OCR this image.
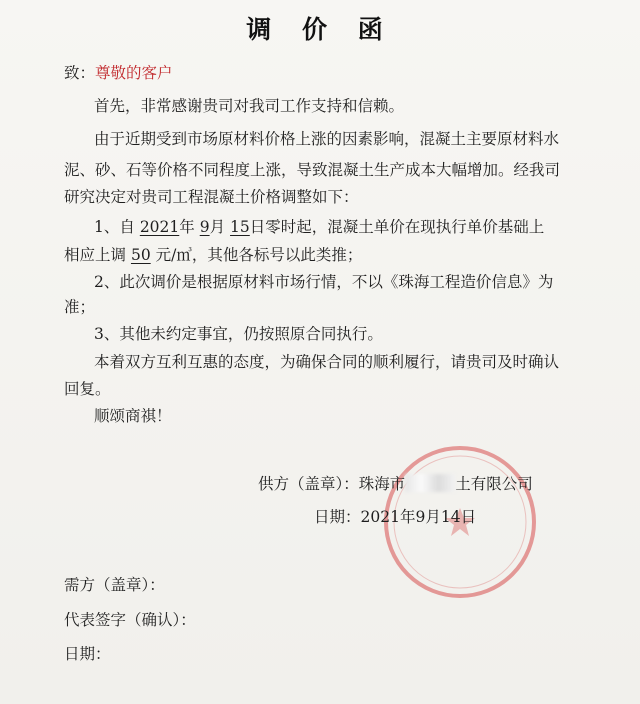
调 价 函
致：尊敬的客户
首先，非常感谢贵司对我司工作支持和信赖。
由于近期受到市场原材料价格上涨的因素影响，混凝土主要原材料水
泥、砂、石等价格不同程度上涨，导致混凝土生产成本大幅增加。经我司
研究决定对贵司工程混凝土价格调整如下：
1、自 2021年 9月 15日零时起，混凝土单价在现执行单价基础上
相应上调 50 元/㎥，其他各标号以此类推；
2、此次调价是根据原材料市场行情，不以《珠海工程造价信息》为
准；
3、其他未约定事宜，仍按照原合同执行。
本着双方互利互惠的态度，为确保合同的顺利履行，请贵司及时确认
回复。
顺颂商祺！
供方（盖章）：珠海市	土有限公司
日期：2021年9月14日
需方（盖章）：
代表签字（确认）：
日期：
